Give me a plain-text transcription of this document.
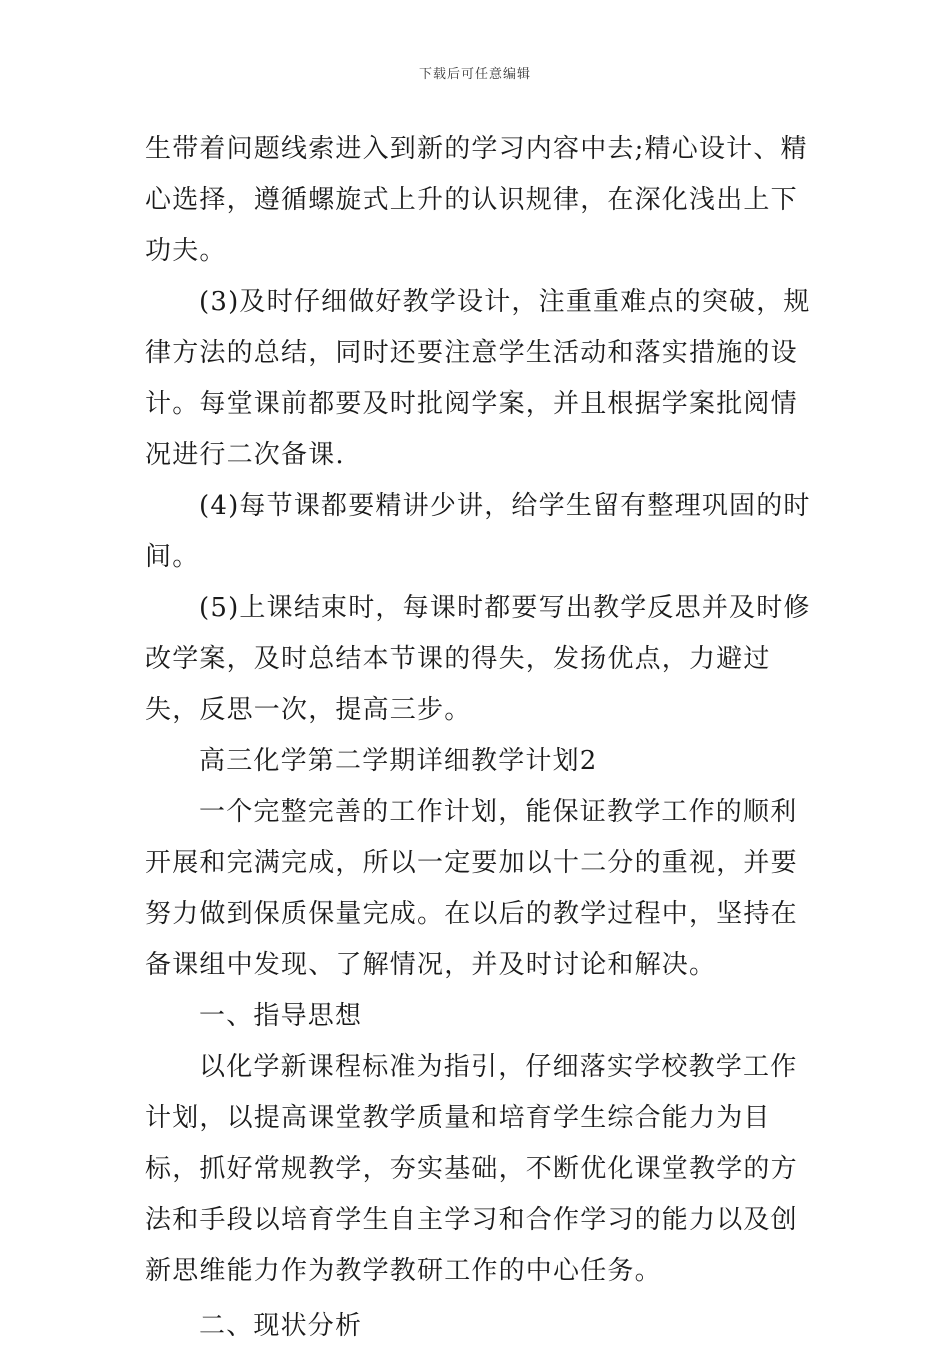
下载后可任意编辑

生带着问题线索进入到新的学习内容中去;精心设计、精心选择，遵循螺旋式上升的认识规律，在深化浅出上下功夫。

(3)及时仔细做好教学设计，注重重难点的突破，规律方法的总结，同时还要注意学生活动和落实措施的设计。每堂课前都要及时批阅学案，并且根据学案批阅情况进行二次备课.

(4)每节课都要精讲少讲，给学生留有整理巩固的时间。

(5)上课结束时，每课时都要写出教学反思并及时修改学案，及时总结本节课的得失，发扬优点，力避过失，反思一次，提高三步。

高三化学第二学期详细教学计划2

一个完整完善的工作计划，能保证教学工作的顺利开展和完满完成，所以一定要加以十二分的重视，并要努力做到保质保量完成。在以后的教学过程中，坚持在备课组中发现、了解情况，并及时讨论和解决。

一、指导思想

以化学新课程标准为指引，仔细落实学校教学工作计划，以提高课堂教学质量和培育学生综合能力为目标，抓好常规教学，夯实基础，不断优化课堂教学的方法和手段以培育学生自主学习和合作学习的能力以及创新思维能力作为教学教研工作的中心任务。

二、现状分析
